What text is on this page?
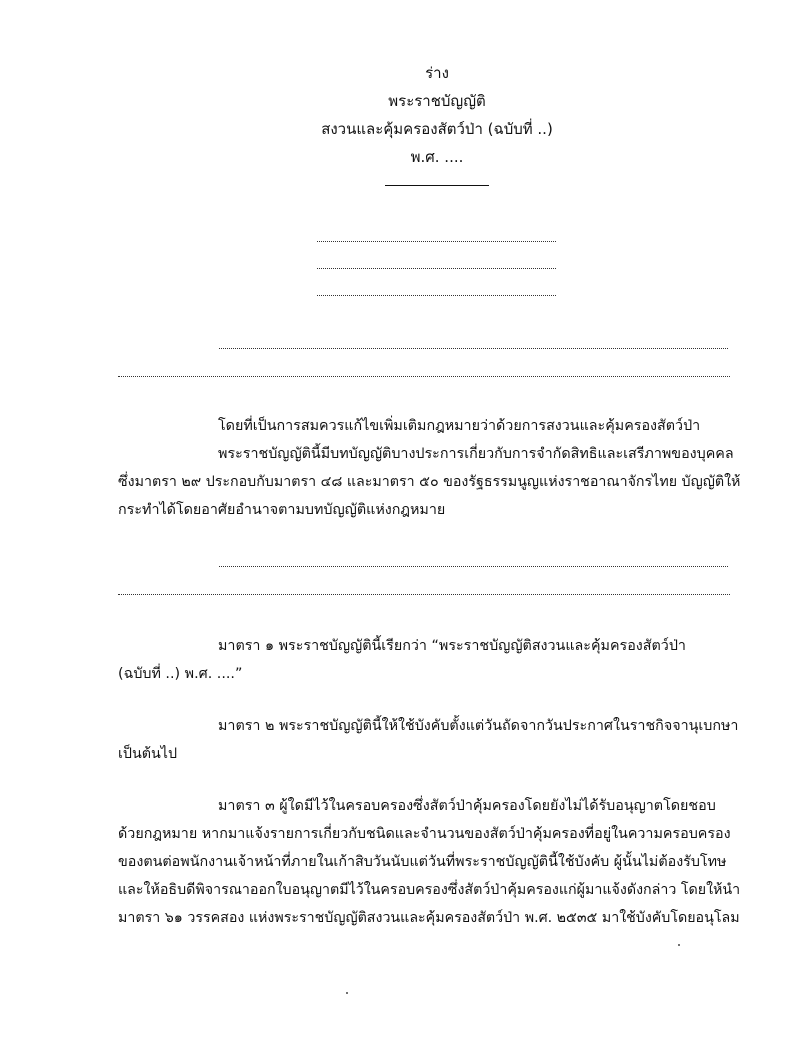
ร่าง
พระราชบัญญัติ
สงวนและคุ้มครองสัตว์ป่า (ฉบับที่ ..)
พ.ศ. ....
โดยที่เป็นการสมควรแก้ไขเพิ่มเติมกฎหมายว่าด้วยการสงวนและคุ้มครองสัตว์ป่า
พระราชบัญญัตินี้มีบทบัญญัติบางประการเกี่ยวกับการจำกัดสิทธิและเสรีภาพของบุคคล
ซึ่งมาตรา ๒๙ ประกอบกับมาตรา ๔๘ และมาตรา ๕๐ ของรัฐธรรมนูญแห่งราชอาณาจักรไทย บัญญัติให้
กระทำได้โดยอาศัยอำนาจตามบทบัญญัติแห่งกฎหมาย
มาตรา ๑ พระราชบัญญัตินี้เรียกว่า “พระราชบัญญัติสงวนและคุ้มครองสัตว์ป่า
(ฉบับที่ ..) พ.ศ. ....”
มาตรา ๒ พระราชบัญญัตินี้ให้ใช้บังคับตั้งแต่วันถัดจากวันประกาศในราชกิจจานุเบกษา
เป็นต้นไป
มาตรา ๓ ผู้ใดมีไว้ในครอบครองซึ่งสัตว์ป่าคุ้มครองโดยยังไม่ได้รับอนุญาตโดยชอบ
ด้วยกฎหมาย หากมาแจ้งรายการเกี่ยวกับชนิดและจำนวนของสัตว์ป่าคุ้มครองที่อยู่ในความครอบครอง
ของตนต่อพนักงานเจ้าหน้าที่ภายในเก้าสิบวันนับแต่วันที่พระราชบัญญัตินี้ใช้บังคับ ผู้นั้นไม่ต้องรับโทษ
และให้อธิบดีพิจารณาออกใบอนุญาตมีไว้ในครอบครองซึ่งสัตว์ป่าคุ้มครองแก่ผู้มาแจ้งดังกล่าว โดยให้นำ
มาตรา ๖๑ วรรคสอง แห่งพระราชบัญญัติสงวนและคุ้มครองสัตว์ป่า พ.ศ. ๒๕๓๕ มาใช้บังคับโดยอนุโลม
